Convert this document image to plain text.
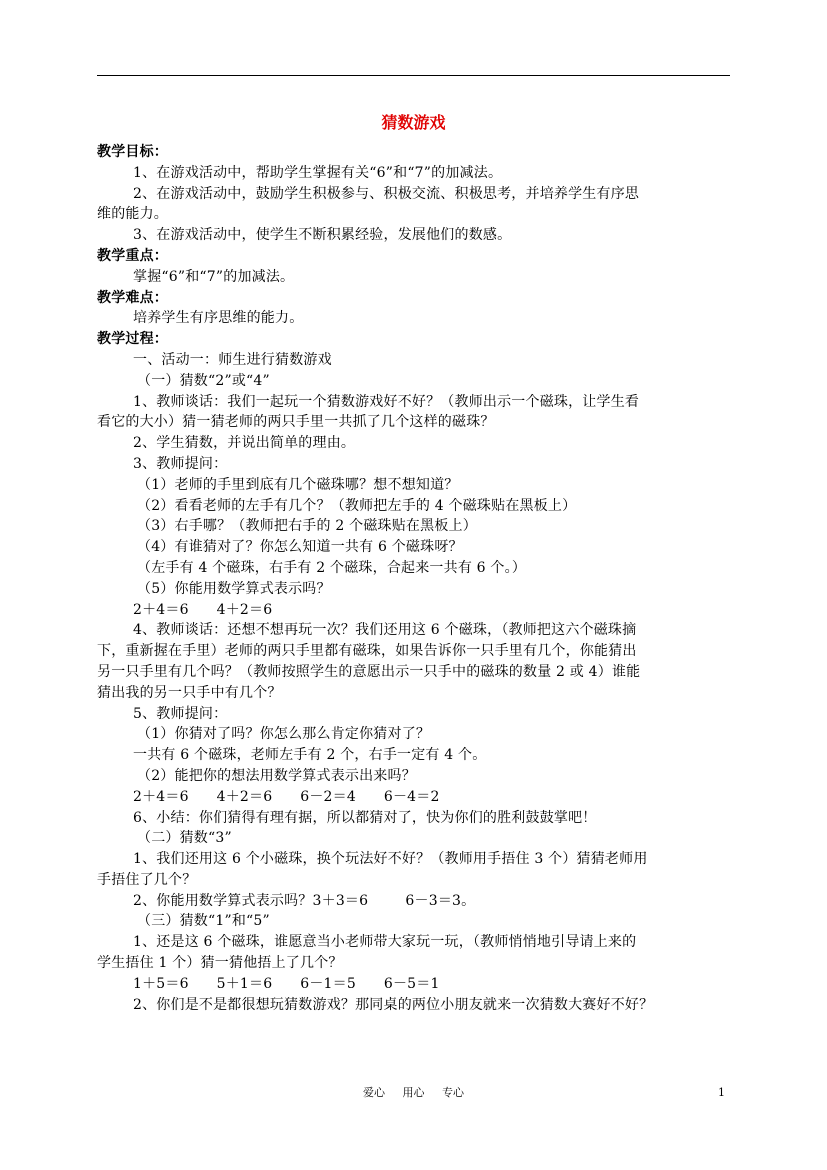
猜数游戏
教学目标：
1、在游戏活动中，帮助学生掌握有关“6”和“7”的加减法。
2、在游戏活动中，鼓励学生积极参与、积极交流、积极思考，并培养学生有序思
维的能力。
3、在游戏活动中，使学生不断积累经验，发展他们的数感。
教学重点：
掌握“6”和“7”的加减法。
教学难点：
培养学生有序思维的能力。
教学过程：
一、活动一：师生进行猜数游戏
（一）猜数“2”或“4”
1、教师谈话：我们一起玩一个猜数游戏好不好？（教师出示一个磁珠，让学生看
看它的大小）猜一猜老师的两只手里一共抓了几个这样的磁珠？
2、学生猜数，并说出简单的理由。
3、教师提问：
（1）老师的手里到底有几个磁珠哪？想不想知道？
（2）看看老师的左手有几个？（教师把左手的 4 个磁珠贴在黑板上）
（3）右手哪？（教师把右手的 2 个磁珠贴在黑板上）
（4）有谁猜对了？你怎么知道一共有 6 个磁珠呀？
（左手有 4 个磁珠，右手有 2 个磁珠，合起来一共有 6 个。）
（5）你能用数学算式表示吗？
2＋4＝6      4＋2＝6
4、教师谈话：还想不想再玩一次？我们还用这 6 个磁珠，（教师把这六个磁珠摘
下，重新握在手里）老师的两只手里都有磁珠，如果告诉你一只手里有几个，你能猜出
另一只手里有几个吗？（教师按照学生的意愿出示一只手中的磁珠的数量 2 或 4）谁能
猜出我的另一只手中有几个？
5、教师提问：
（1）你猜对了吗？你怎么那么肯定你猜对了？
一共有 6 个磁珠，老师左手有 2 个，右手一定有 4 个。
（2）能把你的想法用数学算式表示出来吗？
2＋4＝6      4＋2＝6      6－2＝4      6－4＝2
6、小结：你们猜得有理有据，所以都猜对了，快为你们的胜利鼓鼓掌吧！
（二）猜数“3”
1、我们还用这 6 个小磁珠，换个玩法好不好？（教师用手捂住 3 个）猜猜老师用
手捂住了几个？
2、你能用数学算式表示吗？3＋3＝6        6－3＝3。
（三）猜数“1”和“5”
1、还是这 6 个磁珠，谁愿意当小老师带大家玩一玩，（教师悄悄地引导请上来的
学生捂住 1 个）猜一猜他捂上了几个？
1＋5＝6      5＋1＝6      6－1＝5      6－5＝1
2、你们是不是都很想玩猜数游戏？那同桌的两位小朋友就来一次猜数大赛好不好？
爱心     用心     专心	1
